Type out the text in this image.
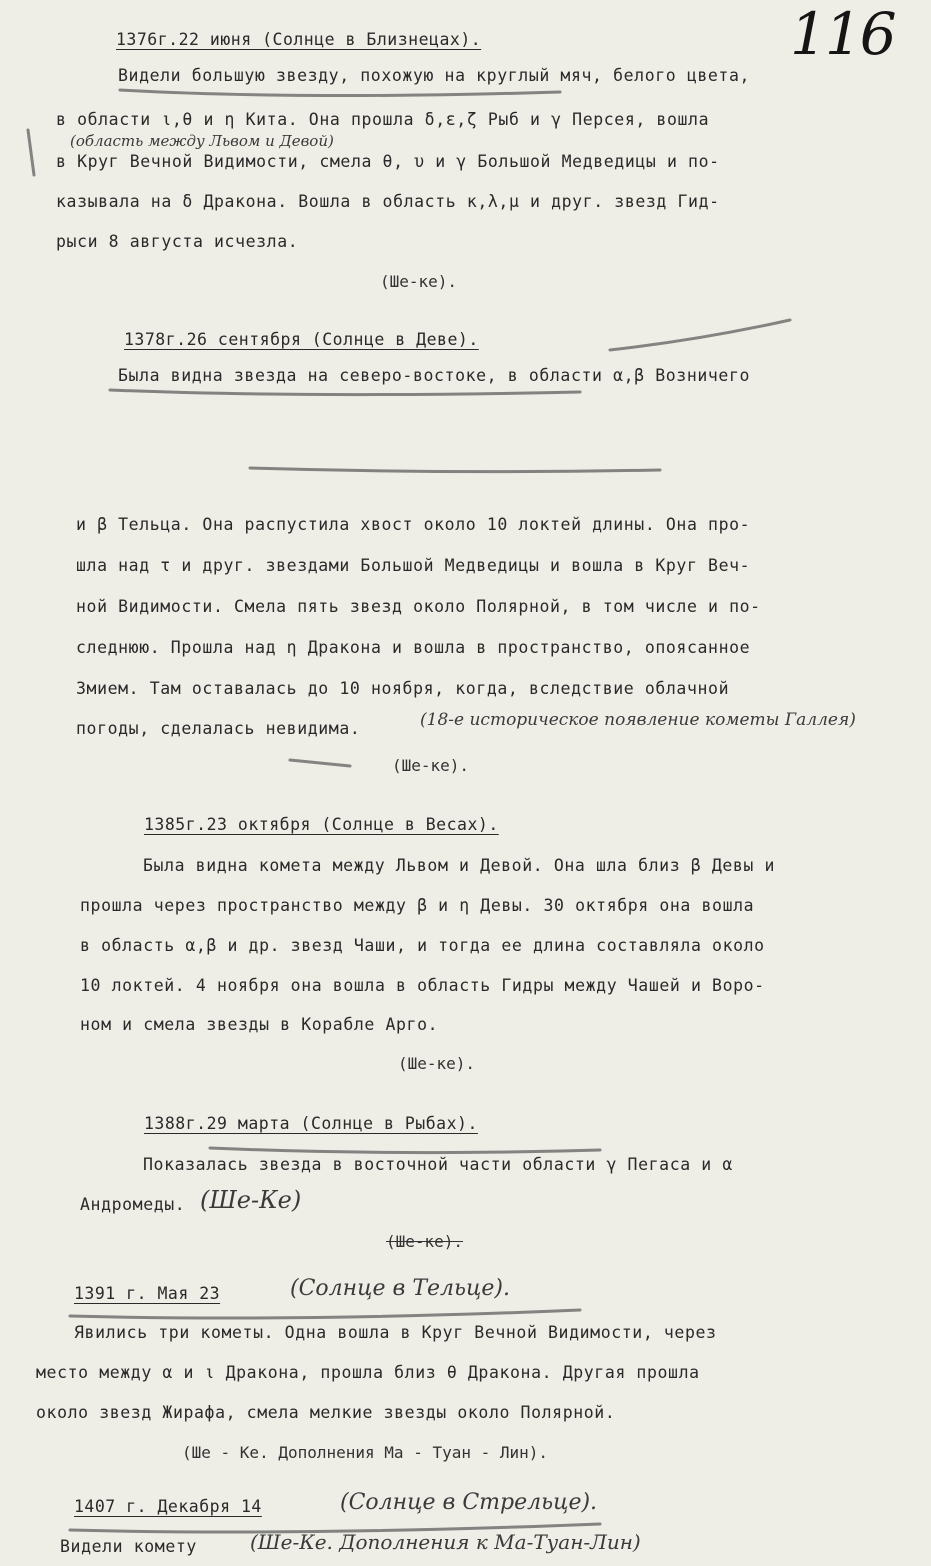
116
1376г.22 июня (Солнце в Близнецах).
Видели большую звезду, похожую на круглый мяч, белого цвета,
в области ι,θ и η Кита. Она прошла δ,ε,ζ Рыб и γ Персея, вошла
(область между Львом и Девой)
в Круг Вечной Видимости, смела θ, υ и γ Большой Медведицы и по-
казывала на δ Дракона. Вошла в область κ,λ,μ и друг. звезд Гид-
рыси 8 августа исчезла.
(Ше-ке).
1378г.26 сентября (Солнце в Деве).
Была видна звезда на северо-востоке, в области α,β Возничего
и β Тельца. Она распустила хвост около 10 локтей длины. Она про-
шла над τ и друг. звездами Большой Медведицы и вошла в Круг Веч-
ной Видимости. Смела пять звезд около Полярной, в том числе и по-
следнюю. Прошла над η Дракона и вошла в пространство, опоясанное
Змием. Там оставалась до 10 ноября, когда, вследствие облачной
погоды, сделалась невидима.	(18-е историческое появление кометы Галлея)
(Ше-ке).
1385г.23 октября (Солнце в Весах).
Была видна комета между Львом и Девой. Она шла близ β Девы и
прошла через пространство между β и η Девы. 30 октября она вошла
в область α,β и др. звезд Чаши, и тогда ее длина составляла около
10 локтей. 4 ноября она вошла в область Гидры между Чашей и Воро-
ном и смела звезды в Корабле Арго.
(Ше-ке).
1388г.29 марта (Солнце в Рыбах).
Показалась звезда в восточной части области γ Пегаса и α
Андромеды. (Ше-Ке)
(Ше-ке).
1391 г. Мая 23	(Солнце в Тельце).
Явились три кометы. Одна вошла в Круг Вечной Видимости, через
место между α и ι Дракона, прошла близ θ Дракона. Другая прошла
около звезд Жирафа, смела мелкие звезды около Полярной.
(Ше - Ке. Дополнения Ма - Туан - Лин).
1407 г. Декабря 14	(Солнце в Стрельце).
Видели комету	(Ше-Ке. Дополнения к Ма-Туан-Лин)
